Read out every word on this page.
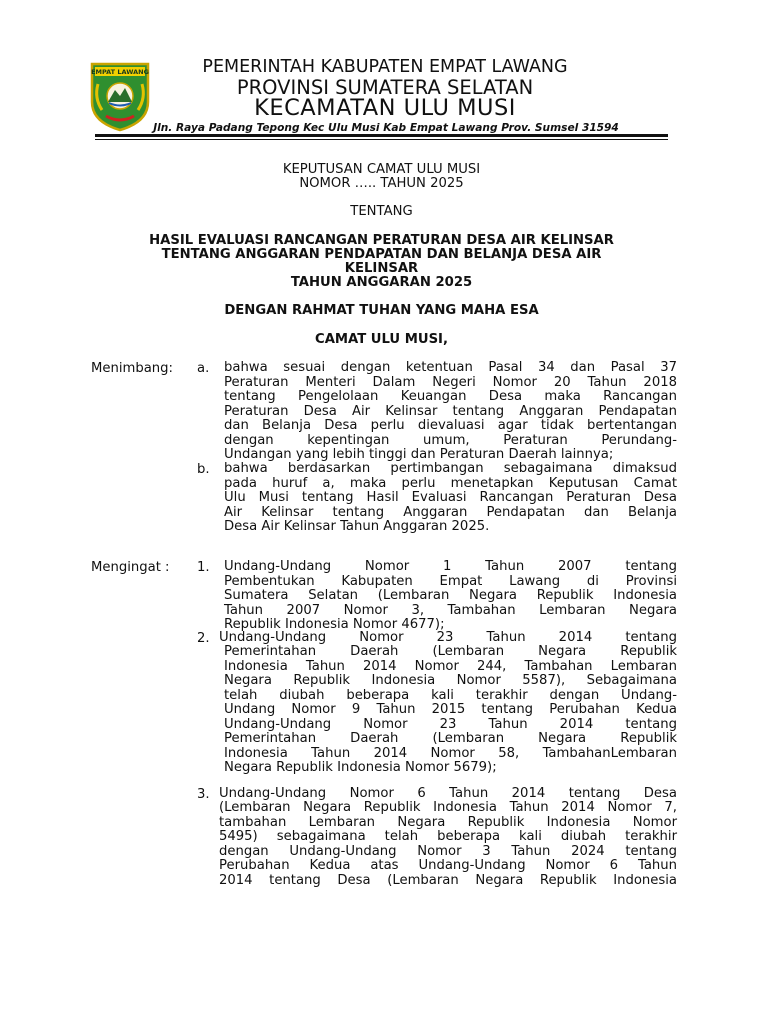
EMPAT LAWANG	PEMERINTAH KABUPATEN EMPAT LAWANG
PROVINSI SUMATERA SELATAN
KECAMATAN ULU MUSI
Jln. Raya Padang Tepong Kec Ulu Musi Kab Empat Lawang Prov. Sumsel 31594
KEPUTUSAN CAMAT ULU MUSI
NOMOR ….. TAHUN 2025
TENTANG
HASIL EVALUASI RANCANGAN PERATURAN DESA AIR KELINSAR
TENTANG ANGGARAN PENDAPATAN DAN BELANJA DESA AIR
KELINSAR
TAHUN ANGGARAN 2025
DENGAN RAHMAT TUHAN YANG MAHA ESA
CAMAT ULU MUSI,
Menimbang: a. bahwa sesuai dengan ketentuan Pasal 34 dan Pasal 37
Peraturan Menteri Dalam Negeri Nomor 20 Tahun 2018
tentang Pengelolaan Keuangan Desa maka Rancangan
Peraturan Desa Air Kelinsar tentang Anggaran Pendapatan
dan Belanja Desa perlu dievaluasi agar tidak bertentangan
dengan kepentingan umum, Peraturan Perundang-
Undangan yang lebih tinggi dan Peraturan Daerah lainnya;
b. bahwa berdasarkan pertimbangan sebagaimana dimaksud
pada huruf a, maka perlu menetapkan Keputusan Camat
Ulu Musi tentang Hasil Evaluasi Rancangan Peraturan Desa
Air Kelinsar tentang Anggaran Pendapatan dan Belanja
Desa Air Kelinsar Tahun Anggaran 2025.
Mengingat : 1. Undang-Undang Nomor 1 Tahun 2007 tentang
Pembentukan Kabupaten Empat Lawang di Provinsi
Sumatera Selatan (Lembaran Negara Republik Indonesia
Tahun 2007 Nomor 3, Tambahan Lembaran Negara
Republik Indonesia Nomor 4677);
2. Undang-Undang Nomor 23 Tahun 2014 tentang
Pemerintahan Daerah (Lembaran Negara Republik
Indonesia Tahun 2014 Nomor 244, Tambahan Lembaran
Negara Republik Indonesia Nomor 5587), Sebagaimana
telah diubah beberapa kali terakhir dengan Undang-
Undang Nomor 9 Tahun 2015 tentang Perubahan Kedua
Undang-Undang Nomor 23 Tahun 2014 tentang
Pemerintahan Daerah (Lembaran Negara Republik
Indonesia Tahun 2014 Nomor 58, TambahanLembaran
Negara Republik Indonesia Nomor 5679);
3. Undang-Undang Nomor 6 Tahun 2014 tentang Desa
(Lembaran Negara Republik Indonesia Tahun 2014 Nomor 7,
tambahan Lembaran Negara Republik Indonesia Nomor
5495) sebagaimana telah beberapa kali diubah terakhir
dengan Undang-Undang Nomor 3 Tahun 2024 tentang
Perubahan Kedua atas Undang-Undang Nomor 6 Tahun
2014 tentang Desa (Lembaran Negara Republik Indonesia
